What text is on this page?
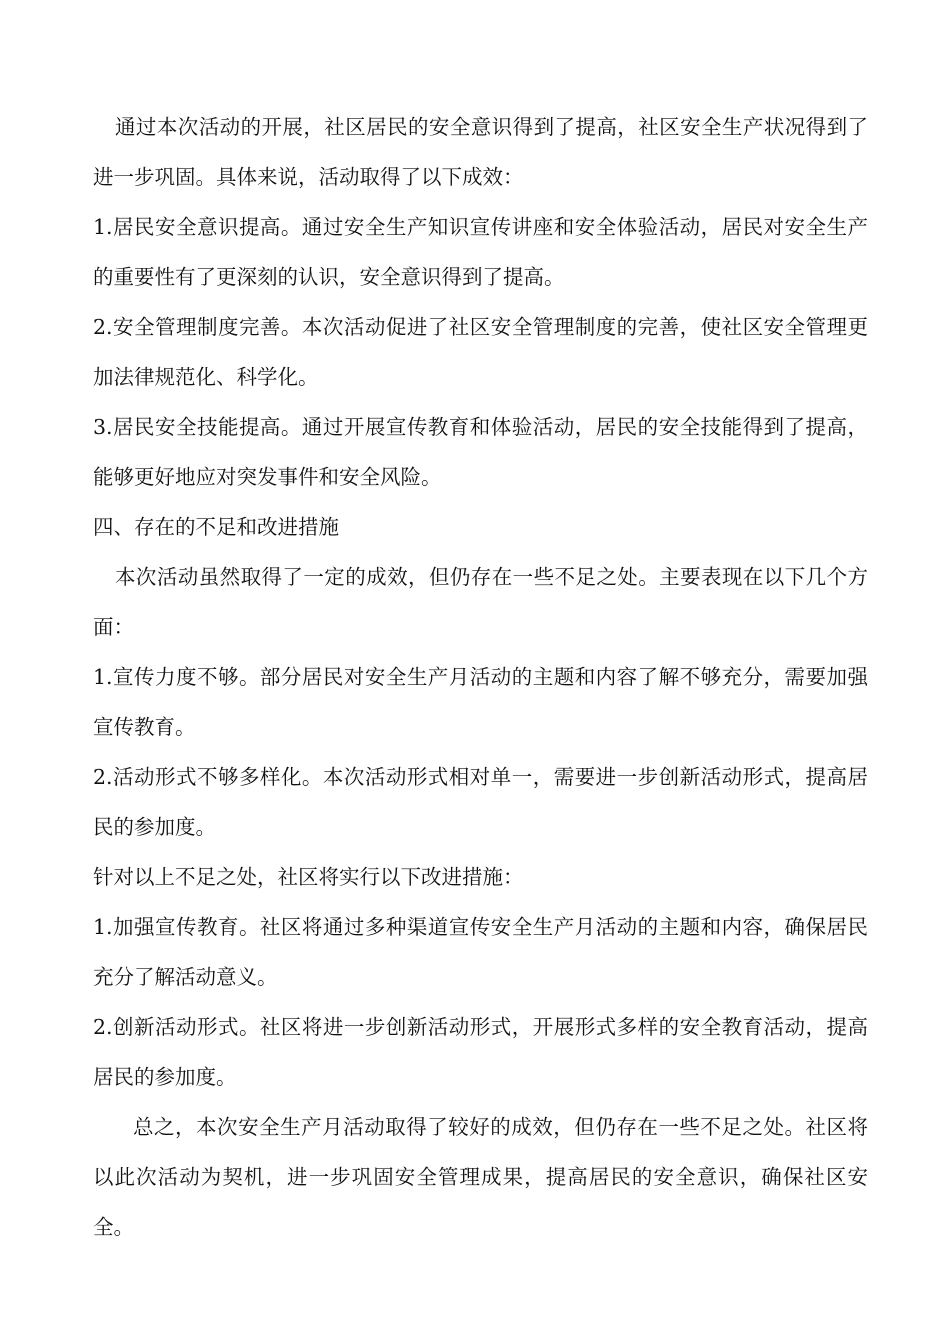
通过本次活动的开展，社区居民的安全意识得到了提高，社区安全生产状况得到了进一步巩固。具体来说，活动取得了以下成效：

1.居民安全意识提高。通过安全生产知识宣传讲座和安全体验活动，居民对安全生产的重要性有了更深刻的认识，安全意识得到了提高。

2.安全管理制度完善。本次活动促进了社区安全管理制度的完善，使社区安全管理更加法律规范化、科学化。

3.居民安全技能提高。通过开展宣传教育和体验活动，居民的安全技能得到了提高，能够更好地应对突发事件和安全风险。

四、存在的不足和改进措施

本次活动虽然取得了一定的成效，但仍存在一些不足之处。主要表现在以下几个方面：

1.宣传力度不够。部分居民对安全生产月活动的主题和内容了解不够充分，需要加强宣传教育。

2.活动形式不够多样化。本次活动形式相对单一，需要进一步创新活动形式，提高居民的参加度。

针对以上不足之处，社区将实行以下改进措施：

1.加强宣传教育。社区将通过多种渠道宣传安全生产月活动的主题和内容，确保居民充分了解活动意义。

2.创新活动形式。社区将进一步创新活动形式，开展形式多样的安全教育活动，提高居民的参加度。

总之，本次安全生产月活动取得了较好的成效，但仍存在一些不足之处。社区将以此次活动为契机，进一步巩固安全管理成果，提高居民的安全意识，确保社区安全。
